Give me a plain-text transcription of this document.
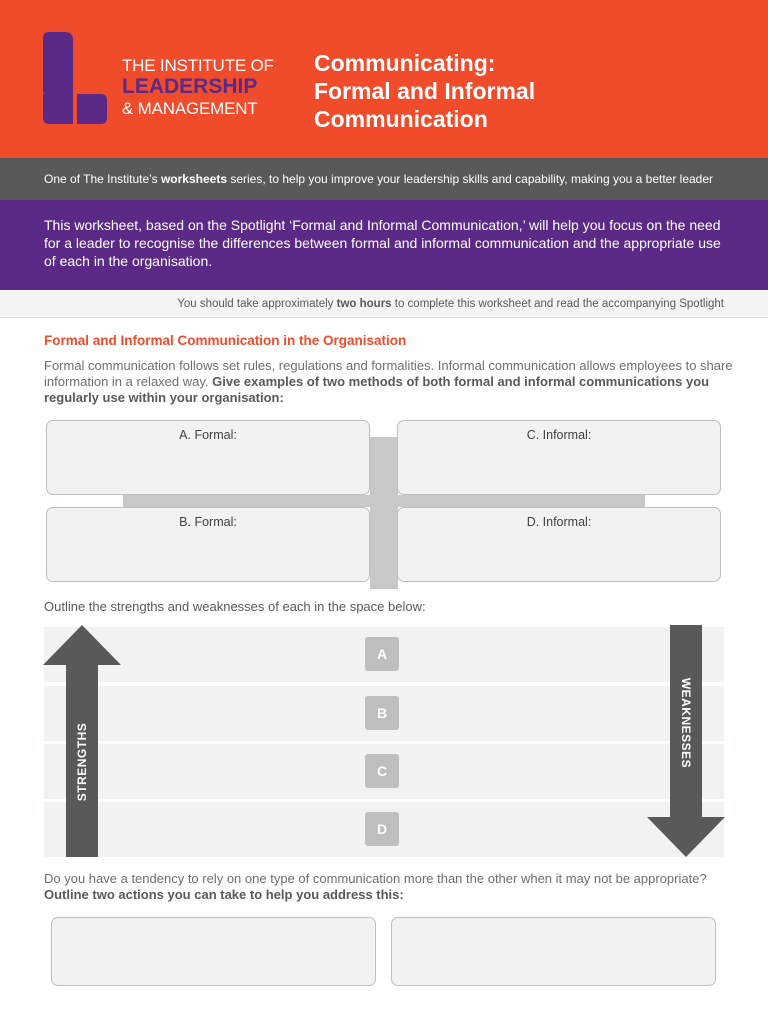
THE INSTITUTE OF
LEADERSHIP
& MANAGEMENT
Communicating:
Formal and Informal
Communication
One of The Institute’s worksheets series, to help you improve your leadership skills and capability, making you a better leader

This worksheet, based on the Spotlight ‘Formal and Informal Communication,’ will help you focus on the need for a leader to recognise the differences between formal and informal communication and the appropriate use of each in the organisation.

You should take approximately two hours to complete this worksheet and read the accompanying Spotlight
Formal and Informal Communication in the Organisation

Formal communication follows set rules, regulations and formalities. Informal communication allows employees to share information in a relaxed way. Give examples of two methods of both formal and informal communications you regularly use within your organisation:

A. Formal:	C. Informal:
B. Formal:	D. Informal:
Outline the strengths and weaknesses of each in the space below:
A
B
C
D
STRENGTHS	WEAKNESSES

Do you have a tendency to rely on one type of communication more than the other when it may not be appropriate? Outline two actions you can take to help you address this:
